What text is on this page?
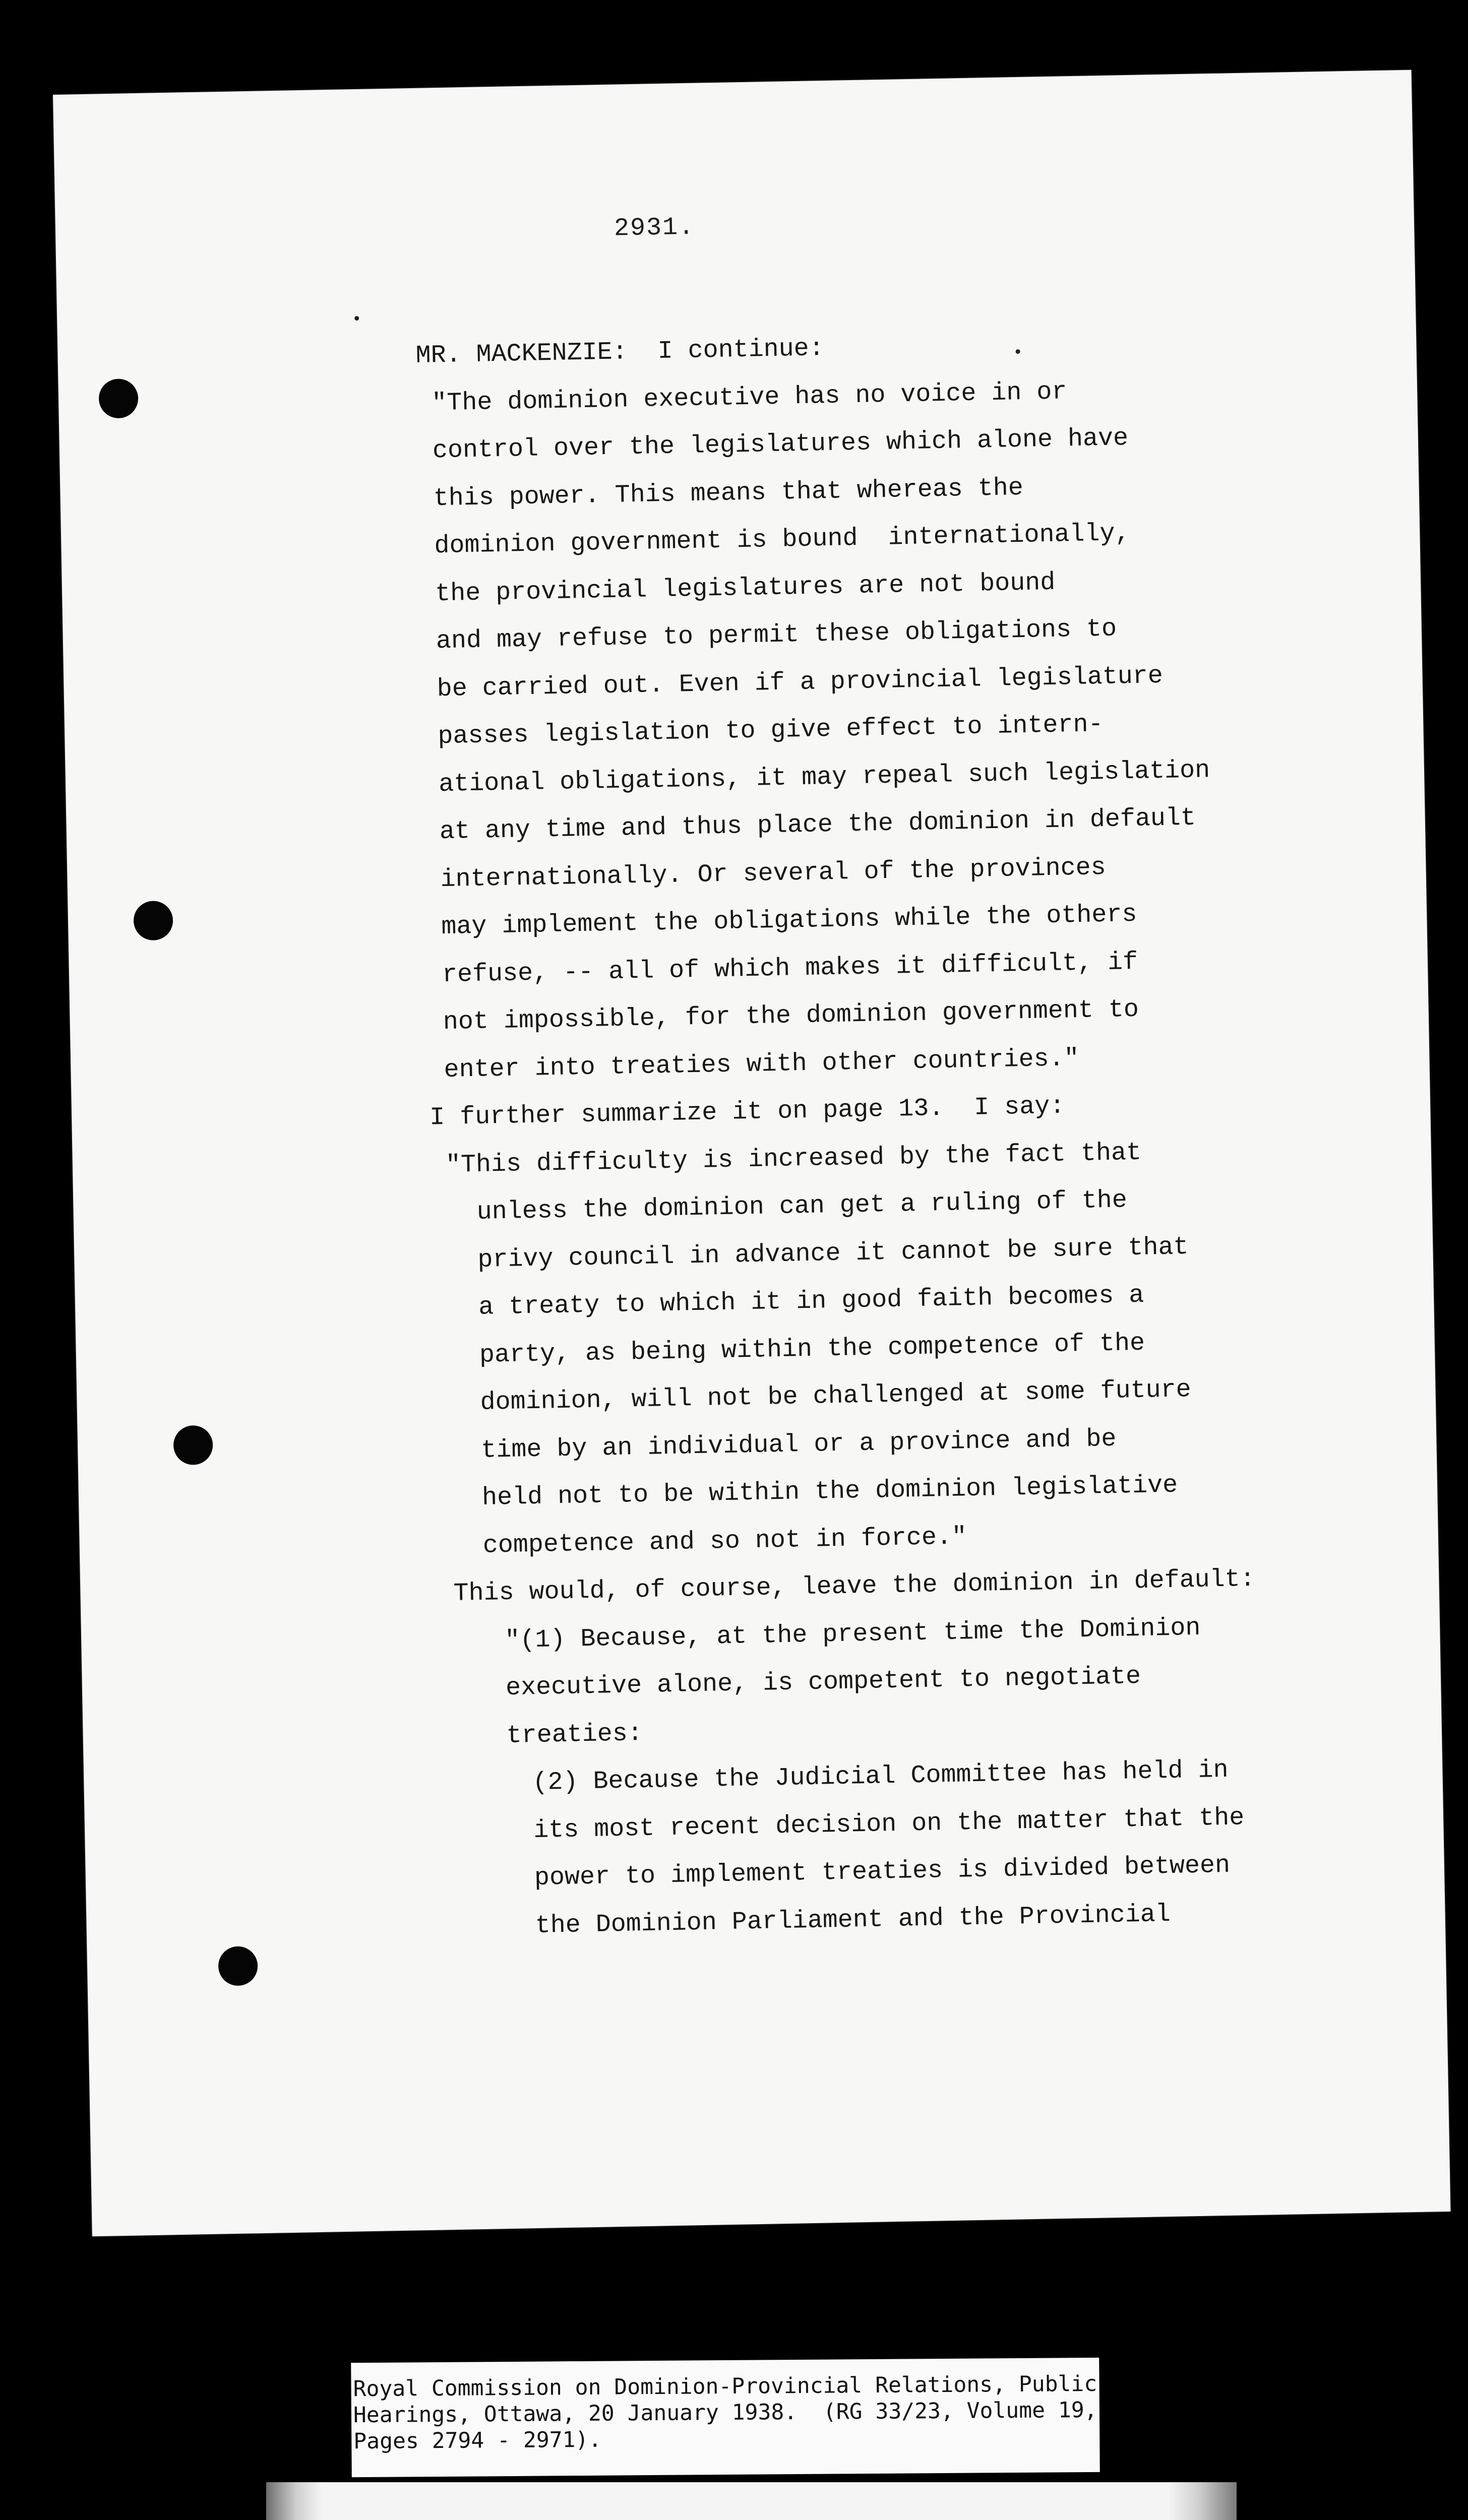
2931.
MR. MACKENZIE:  I continue:
"The dominion executive has no voice in or
control over the legislatures which alone have
this power. This means that whereas the
dominion government is bound  internationally,
the provincial legislatures are not bound
and may refuse to permit these obligations to
be carried out. Even if a provincial legislature
passes legislation to give effect to intern-
ational obligations, it may repeal such legislation
at any time and thus place the dominion in default
internationally. Or several of the provinces
may implement the obligations while the others
refuse, -- all of which makes it difficult, if
not impossible, for the dominion government to
enter into treaties with other countries."
I further summarize it on page 13.  I say:
"This difficulty is increased by the fact that
unless the dominion can get a ruling of the
privy council in advance it cannot be sure that
a treaty to which it in good faith becomes a
party, as being within the competence of the
dominion, will not be challenged at some future
time by an individual or a province and be
held not to be within the dominion legislative
competence and so not in force."
This would, of course, leave the dominion in default:
"(1) Because, at the present time the Dominion
executive alone, is competent to negotiate
treaties:
(2) Because the Judicial Committee has held in
its most recent decision on the matter that the
power to implement treaties is divided between
the Dominion Parliament and the Provincial
Royal Commission on Dominion-Provincial Relations, Public
Hearings, Ottawa, 20 January 1938.  (RG 33/23, Volume 19,
Pages 2794 - 2971).
